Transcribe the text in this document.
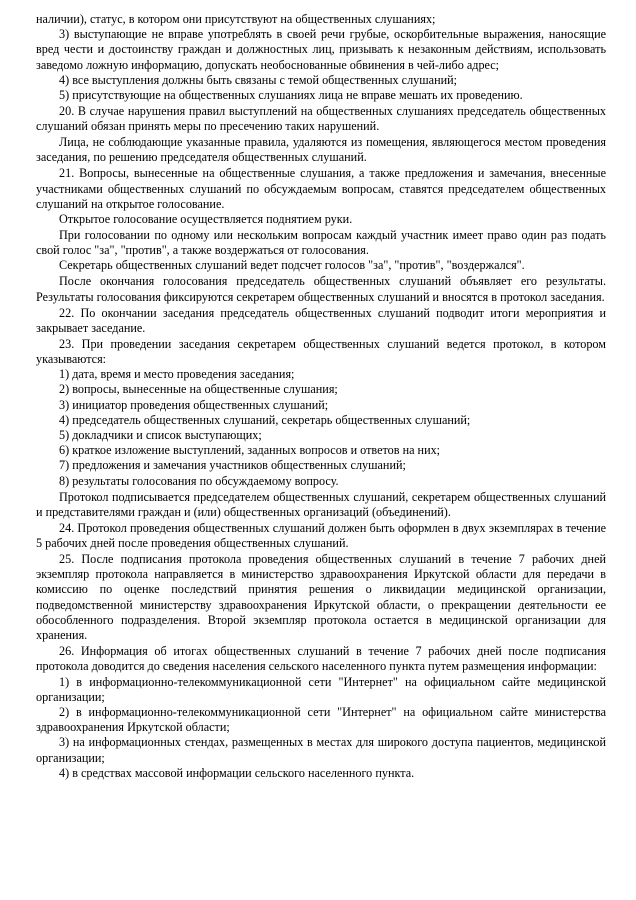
наличии), статус, в котором они присутствуют на общественных слушаниях;

3) выступающие не вправе употреблять в своей речи грубые, оскорбительные выражения, наносящие вред чести и достоинству граждан и должностных лиц, призывать к незаконным действиям, использовать заведомо ложную информацию, допускать необоснованные обвинения в чей-либо адрес;

4) все выступления должны быть связаны с темой общественных слушаний;

5) присутствующие на общественных слушаниях лица не вправе мешать их проведению.

20. В случае нарушения правил выступлений на общественных слушаниях председатель общественных слушаний обязан принять меры по пресечению таких нарушений.

Лица, не соблюдающие указанные правила, удаляются из помещения, являющегося местом проведения заседания, по решению председателя общественных слушаний.

21. Вопросы, вынесенные на общественные слушания, а также предложения и замечания, внесенные участниками общественных слушаний по обсуждаемым вопросам, ставятся председателем общественных слушаний на открытое голосование.

Открытое голосование осуществляется поднятием руки.

При голосовании по одному или нескольким вопросам каждый участник имеет право один раз подать свой голос "за", "против", а также воздержаться от голосования.

Секретарь общественных слушаний ведет подсчет голосов "за", "против", "воздержался".

После окончания голосования председатель общественных слушаний объявляет его результаты. Результаты голосования фиксируются секретарем общественных слушаний и вносятся в протокол заседания.

22. По окончании заседания председатель общественных слушаний подводит итоги мероприятия и закрывает заседание.

23. При проведении заседания секретарем общественных слушаний ведется протокол, в котором указываются:

1) дата, время и место проведения заседания;

2) вопросы, вынесенные на общественные слушания;

3) инициатор проведения общественных слушаний;

4) председатель общественных слушаний, секретарь общественных слушаний;

5) докладчики и список выступающих;

6) краткое изложение выступлений, заданных вопросов и ответов на них;

7) предложения и замечания участников общественных слушаний;

8) результаты голосования по обсуждаемому вопросу.

Протокол подписывается председателем общественных слушаний, секретарем общественных слушаний и представителями граждан и (или) общественных организаций (объединений).

24. Протокол проведения общественных слушаний должен быть оформлен в двух экземплярах в течение 5 рабочих дней после проведения общественных слушаний.

25. После подписания протокола проведения общественных слушаний в течение 7 рабочих дней экземпляр протокола направляется в министерство здравоохранения Иркутской области для передачи в комиссию по оценке последствий принятия решения о ликвидации медицинской организации, подведомственной министерству здравоохранения Иркутской области, о прекращении деятельности ее обособленного подразделения. Второй экземпляр протокола остается в медицинской организации для хранения.

26. Информация об итогах общественных слушаний в течение 7 рабочих дней после подписания протокола доводится до сведения населения сельского населенного пункта путем размещения информации:

1) в информационно-телекоммуникационной сети "Интернет" на официальном сайте медицинской организации;

2) в информационно-телекоммуникационной сети "Интернет" на официальном сайте министерства здравоохранения Иркутской области;

3) на информационных стендах, размещенных в местах для широкого доступа пациентов, медицинской организации;

4) в средствах массовой информации сельского населенного пункта.
